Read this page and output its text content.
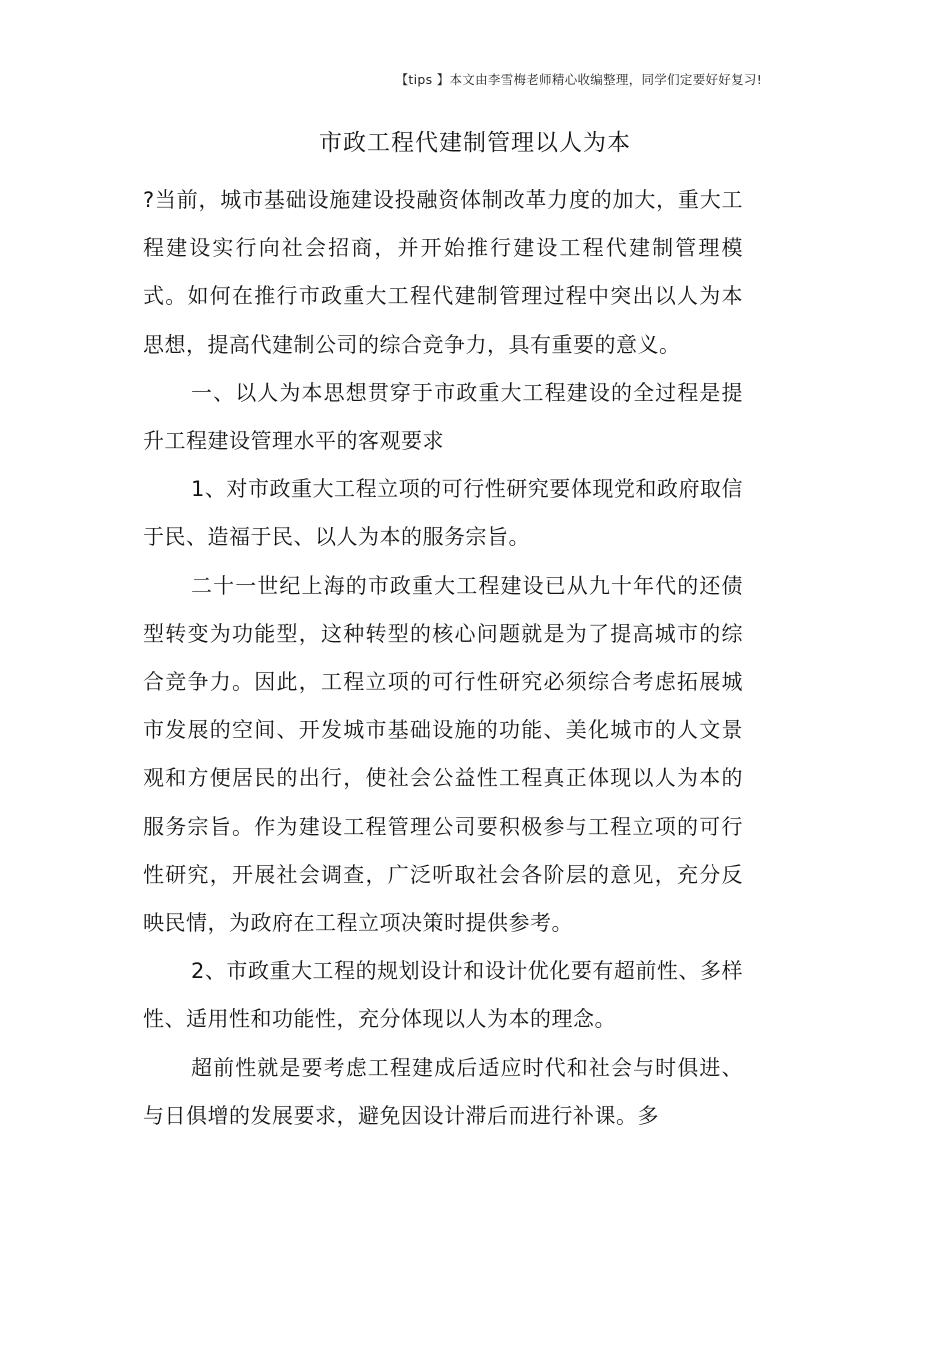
【tips 】本文由李雪梅老师精心收编整理，同学们定要好好复习!
市政工程代建制管理以人为本

?当前，城市基础设施建设投融资体制改革力度的加大，重大工程建设实行向社会招商，并开始推行建设工程代建制管理模式。如何在推行市政重大工程代建制管理过程中突出以人为本思想，提高代建制公司的综合竞争力，具有重要的意义。

一、以人为本思想贯穿于市政重大工程建设的全过程是提升工程建设管理水平的客观要求

1、对市政重大工程立项的可行性研究要体现党和政府取信于民、造福于民、以人为本的服务宗旨。

二十一世纪上海的市政重大工程建设已从九十年代的还债型转变为功能型，这种转型的核心问题就是为了提高城市的综合竞争力。因此，工程立项的可行性研究必须综合考虑拓展城市发展的空间、开发城市基础设施的功能、美化城市的人文景观和方便居民的出行，使社会公益性工程真正体现以人为本的服务宗旨。作为建设工程管理公司要积极参与工程立项的可行性研究，开展社会调查，广泛听取社会各阶层的意见，充分反映民情，为政府在工程立项决策时提供参考。

2、市政重大工程的规划设计和设计优化要有超前性、多样性、适用性和功能性，充分体现以人为本的理念。

超前性就是要考虑工程建成后适应时代和社会与时俱进、与日俱增的发展要求，避免因设计滞后而进行补课。多
